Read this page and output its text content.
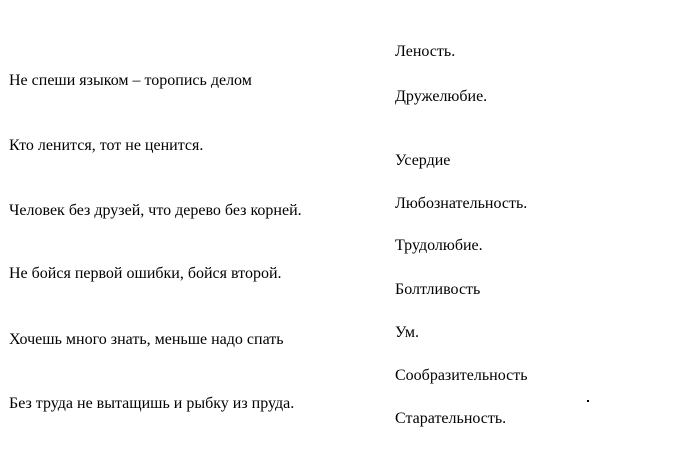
Не спеши языком – торопись делом
Кто ленится, тот не ценится.
Человек без друзей, что дерево без корней.
Не бойся первой ошибки, бойся второй.
Хочешь много знать, меньше надо спать
Без труда не вытащишь и рыбку из пруда.
Леность.
Дружелюбие.
Усердие
Любознательность.
Трудолюбие.
Болтливость
Ум.
Сообразительность
Старательность.
